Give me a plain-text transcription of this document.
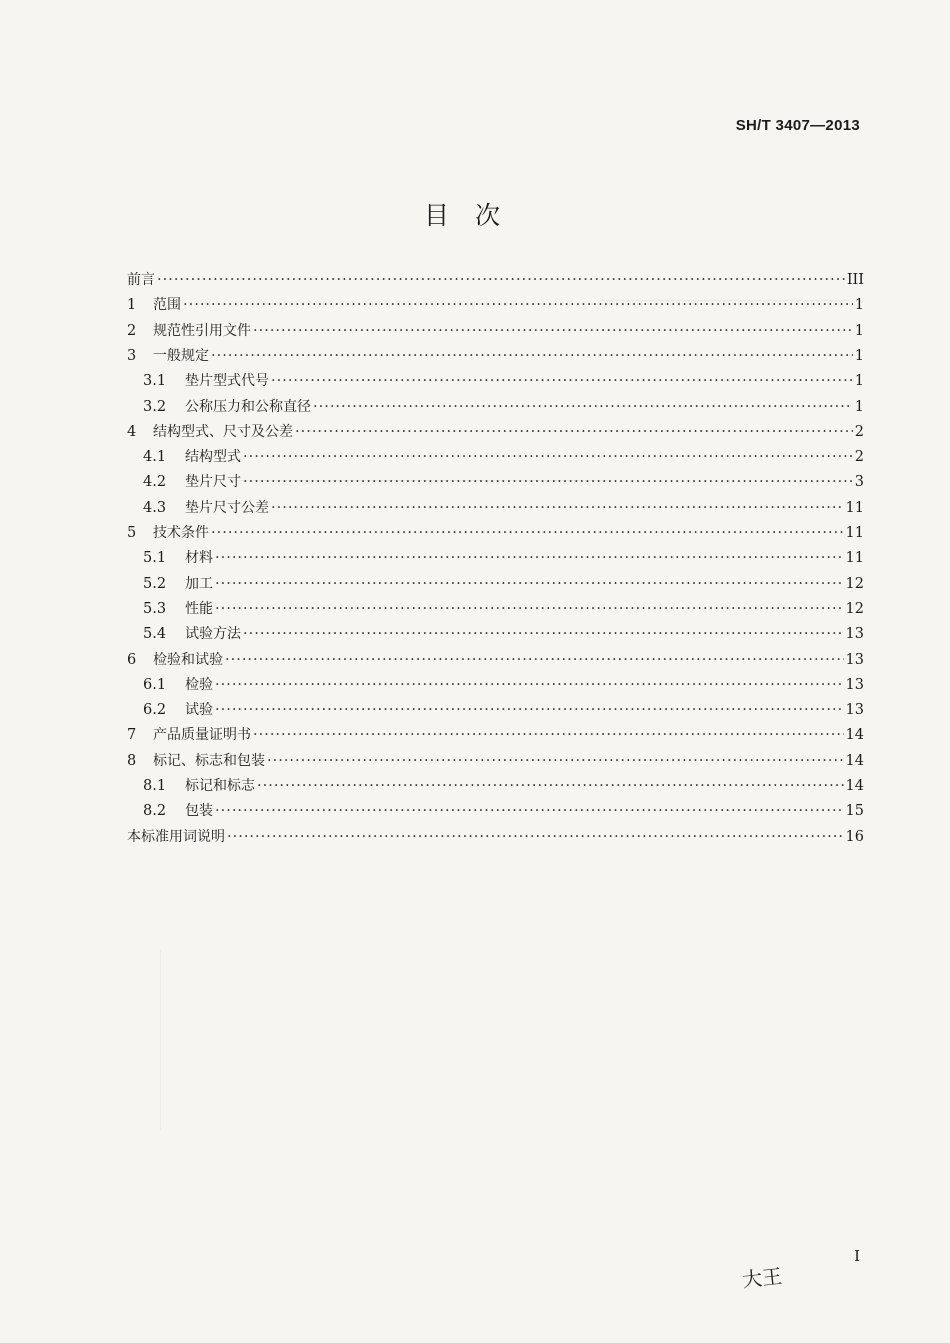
SH/T 3407—2013
目次
前言 ·····	III
1	范围 ·····	1
2	规范性引用文件 ·····	1
3	一般规定 ·····	1
3.1	垫片型式代号 ·····	1
3.2	公称压力和公称直径 ·····	1
4	结构型式、尺寸及公差 ·····	2
4.1	结构型式 ·····	2
4.2	垫片尺寸 ·····	3
4.3	垫片尺寸公差 ·····	11
5	技术条件 ·····	11
5.1	材料 ·····	11
5.2	加工 ·····	12
5.3	性能 ·····	12
5.4	试验方法 ·····	13
6	检验和试验 ·····	13
6.1	检验 ·····	13
6.2	试验 ·····	13
7	产品质量证明书 ·····	14
8	标记、标志和包装 ·····	14
8.1	标记和标志 ·····	14
8.2	包装 ·····	15
本标准用词说明 ·····	16
I
大王
